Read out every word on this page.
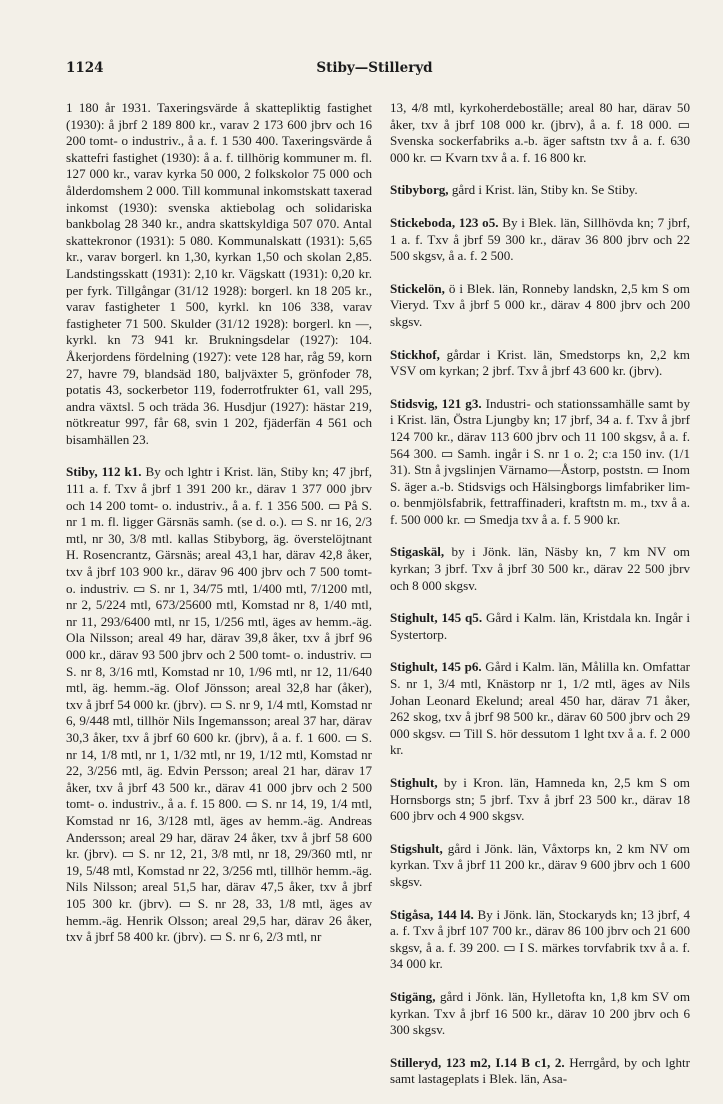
1124	Stiby—Stilleryd

1 180 år 1931. Taxeringsvärde å skattepliktig fastighet (1930): å jbrf 2 189 800 kr., varav 2 173 600 jbrv och 16 200 tomt- o industriv., å a. f. 1 530 400. Taxeringsvärde å skattefri fastighet (1930): å a. f. tillhörig kommuner m. fl. 127 000 kr., varav kyrka 50 000, 2 folkskolor 75 000 och ålderdomshem 2 000. Till kommunal inkomstskatt taxerad inkomst (1930): svenska aktiebolag och solidariska bankbolag 28 340 kr., andra skattskyldiga 507 070. Antal skattekronor (1931): 5 080. Kommunalskatt (1931): 5,65 kr., varav borgerl. kn 1,30, kyrkan 1,50 och skolan 2,85. Landstingsskatt (1931): 2,10 kr. Vägskatt (1931): 0,20 kr. per fyrk. Tillgångar (31/12 1928): borgerl. kn 18 205 kr., varav fastigheter 1 500, kyrkl. kn 106 338, varav fastigheter 71 500. Skulder (31/12 1928): borgerl. kn —, kyrkl. kn 73 941 kr. Brukningsdelar (1927): 104. Åkerjordens fördelning (1927): vete 128 har, råg 59, korn 27, havre 79, blandsäd 180, baljväxter 5, grönfoder 78, potatis 43, sockerbetor 119, foderrotfrukter 61, vall 295, andra växtsl. 5 och träda 36. Husdjur (1927): hästar 219, nötkreatur 997, får 68, svin 1 202, fjäderfän 4 561 och bisamhällen 23.

Stiby, 112 k1. By och lghtr i Krist. län, Stiby kn; 47 jbrf, 111 a. f. Txv å jbrf 1 391 200 kr., därav 1 377 000 jbrv och 14 200 tomt- o. industriv., å a. f. 1 356 500. ▭ På S. nr 1 m. fl. ligger Gärsnäs samh. (se d. o.). ▭ S. nr 16, 2/3 mtl, nr 30, 3/8 mtl. kallas Stibyborg, äg. överstelöjtnant H. Rosencrantz, Gärsnäs; areal 43,1 har, därav 42,8 åker, txv å jbrf 103 900 kr., därav 96 400 jbrv och 7 500 tomt- o. industriv. ▭ S. nr 1, 34/75 mtl, 1/400 mtl, 7/1200 mtl, nr 2, 5/224 mtl, 673/25600 mtl, Komstad nr 8, 1/40 mtl, nr 11, 293/6400 mtl, nr 15, 1/256 mtl, äges av hemm.-äg. Ola Nilsson; areal 49 har, därav 39,8 åker, txv å jbrf 96 000 kr., därav 93 500 jbrv och 2 500 tomt- o. industriv. ▭ S. nr 8, 3/16 mtl, Komstad nr 10, 1/96 mtl, nr 12, 11/640 mtl, äg. hemm.-äg. Olof Jönsson; areal 32,8 har (åker), txv å jbrf 54 000 kr. (jbrv). ▭ S. nr 9, 1/4 mtl, Komstad nr 6, 9/448 mtl, tillhör Nils Ingemansson; areal 37 har, därav 30,3 åker, txv å jbrf 60 600 kr. (jbrv), å a. f. 1 600. ▭ S. nr 14, 1/8 mtl, nr 1, 1/32 mtl, nr 19, 1/12 mtl, Komstad nr 22, 3/256 mtl, äg. Edvin Persson; areal 21 har, därav 17 åker, txv å jbrf 43 500 kr., därav 41 000 jbrv och 2 500 tomt- o. industriv., å a. f. 15 800. ▭ S. nr 14, 19, 1/4 mtl, Komstad nr 16, 3/128 mtl, äges av hemm.-äg. Andreas Andersson; areal 29 har, därav 24 åker, txv å jbrf 58 600 kr. (jbrv). ▭ S. nr 12, 21, 3/8 mtl, nr 18, 29/360 mtl, nr 19, 5/48 mtl, Komstad nr 22, 3/256 mtl, tillhör hemm.-äg. Nils Nilsson; areal 51,5 har, därav 47,5 åker, txv å jbrf 105 300 kr. (jbrv). ▭ S. nr 28, 33, 1/8 mtl, äges av hemm.-äg. Henrik Olsson; areal 29,5 har, därav 26 åker, txv å jbrf 58 400 kr. (jbrv). ▭ S. nr 6, 2/3 mtl, nr

13, 4/8 mtl, kyrkoherdeboställe; areal 80 har, därav 50 åker, txv å jbrf 108 000 kr. (jbrv), å a. f. 18 000. ▭ Svenska sockerfabriks a.-b. äger saftstn txv å a. f. 630 000 kr. ▭ Kvarn txv å a. f. 16 800 kr.

Stibyborg, gård i Krist. län, Stiby kn. Se Stiby.

Stickeboda, 123 o5. By i Blek. län, Sillhövda kn; 7 jbrf, 1 a. f. Txv å jbrf 59 300 kr., därav 36 800 jbrv och 22 500 skgsv, å a. f. 2 500.

Stickelön, ö i Blek. län, Ronneby landskn, 2,5 km S om Vieryd. Txv å jbrf 5 000 kr., därav 4 800 jbrv och 200 skgsv.

Stickhof, gårdar i Krist. län, Smedstorps kn, 2,2 km VSV om kyrkan; 2 jbrf. Txv å jbrf 43 600 kr. (jbrv).

Stidsvig, 121 g3. Industri- och stationssamhälle samt by i Krist. län, Östra Ljungby kn; 17 jbrf, 34 a. f. Txv å jbrf 124 700 kr., därav 113 600 jbrv och 11 100 skgsv, å a. f. 564 300. ▭ Samh. ingår i S. nr 1 o. 2; c:a 150 inv. (1/1 31). Stn å jvgslinjen Värnamo—Åstorp, poststn. ▭ Inom S. äger a.-b. Stidsvigs och Hälsingborgs limfabriker lim- o. benmjölsfabrik, fettraffinaderi, kraftstn m. m., txv å a. f. 500 000 kr. ▭ Smedja txv å a. f. 5 900 kr.

Stigaskäl, by i Jönk. län, Näsby kn, 7 km NV om kyrkan; 3 jbrf. Txv å jbrf 30 500 kr., därav 22 500 jbrv och 8 000 skgsv.

Stighult, 145 q5. Gård i Kalm. län, Kristdala kn. Ingår i Systertorp.

Stighult, 145 p6. Gård i Kalm. län, Målilla kn. Omfattar S. nr 1, 3/4 mtl, Knästorp nr 1, 1/2 mtl, äges av Nils Johan Leonard Ekelund; areal 450 har, därav 71 åker, 262 skog, txv å jbrf 98 500 kr., därav 60 500 jbrv och 29 000 skgsv. ▭ Till S. hör dessutom 1 lght txv å a. f. 2 000 kr.

Stighult, by i Kron. län, Hamneda kn, 2,5 km S om Hornsborgs stn; 5 jbrf. Txv å jbrf 23 500 kr., därav 18 600 jbrv och 4 900 skgsv.

Stigshult, gård i Jönk. län, Våxtorps kn, 2 km NV om kyrkan. Txv å jbrf 11 200 kr., därav 9 600 jbrv och 1 600 skgsv.

Stigåsa, 144 l4. By i Jönk. län, Stockaryds kn; 13 jbrf, 4 a. f. Txv å jbrf 107 700 kr., därav 86 100 jbrv och 21 600 skgsv, å a. f. 39 200. ▭ I S. märkes torvfabrik txv å a. f. 34 000 kr.

Stigäng, gård i Jönk. län, Hylletofta kn, 1,8 km SV om kyrkan. Txv å jbrf 16 500 kr., därav 10 200 jbrv och 6 300 skgsv.

Stilleryd, 123 m2, I.14 B c1, 2. Herrgård, by och lghtr samt lastageplats i Blek. län, Asa-
